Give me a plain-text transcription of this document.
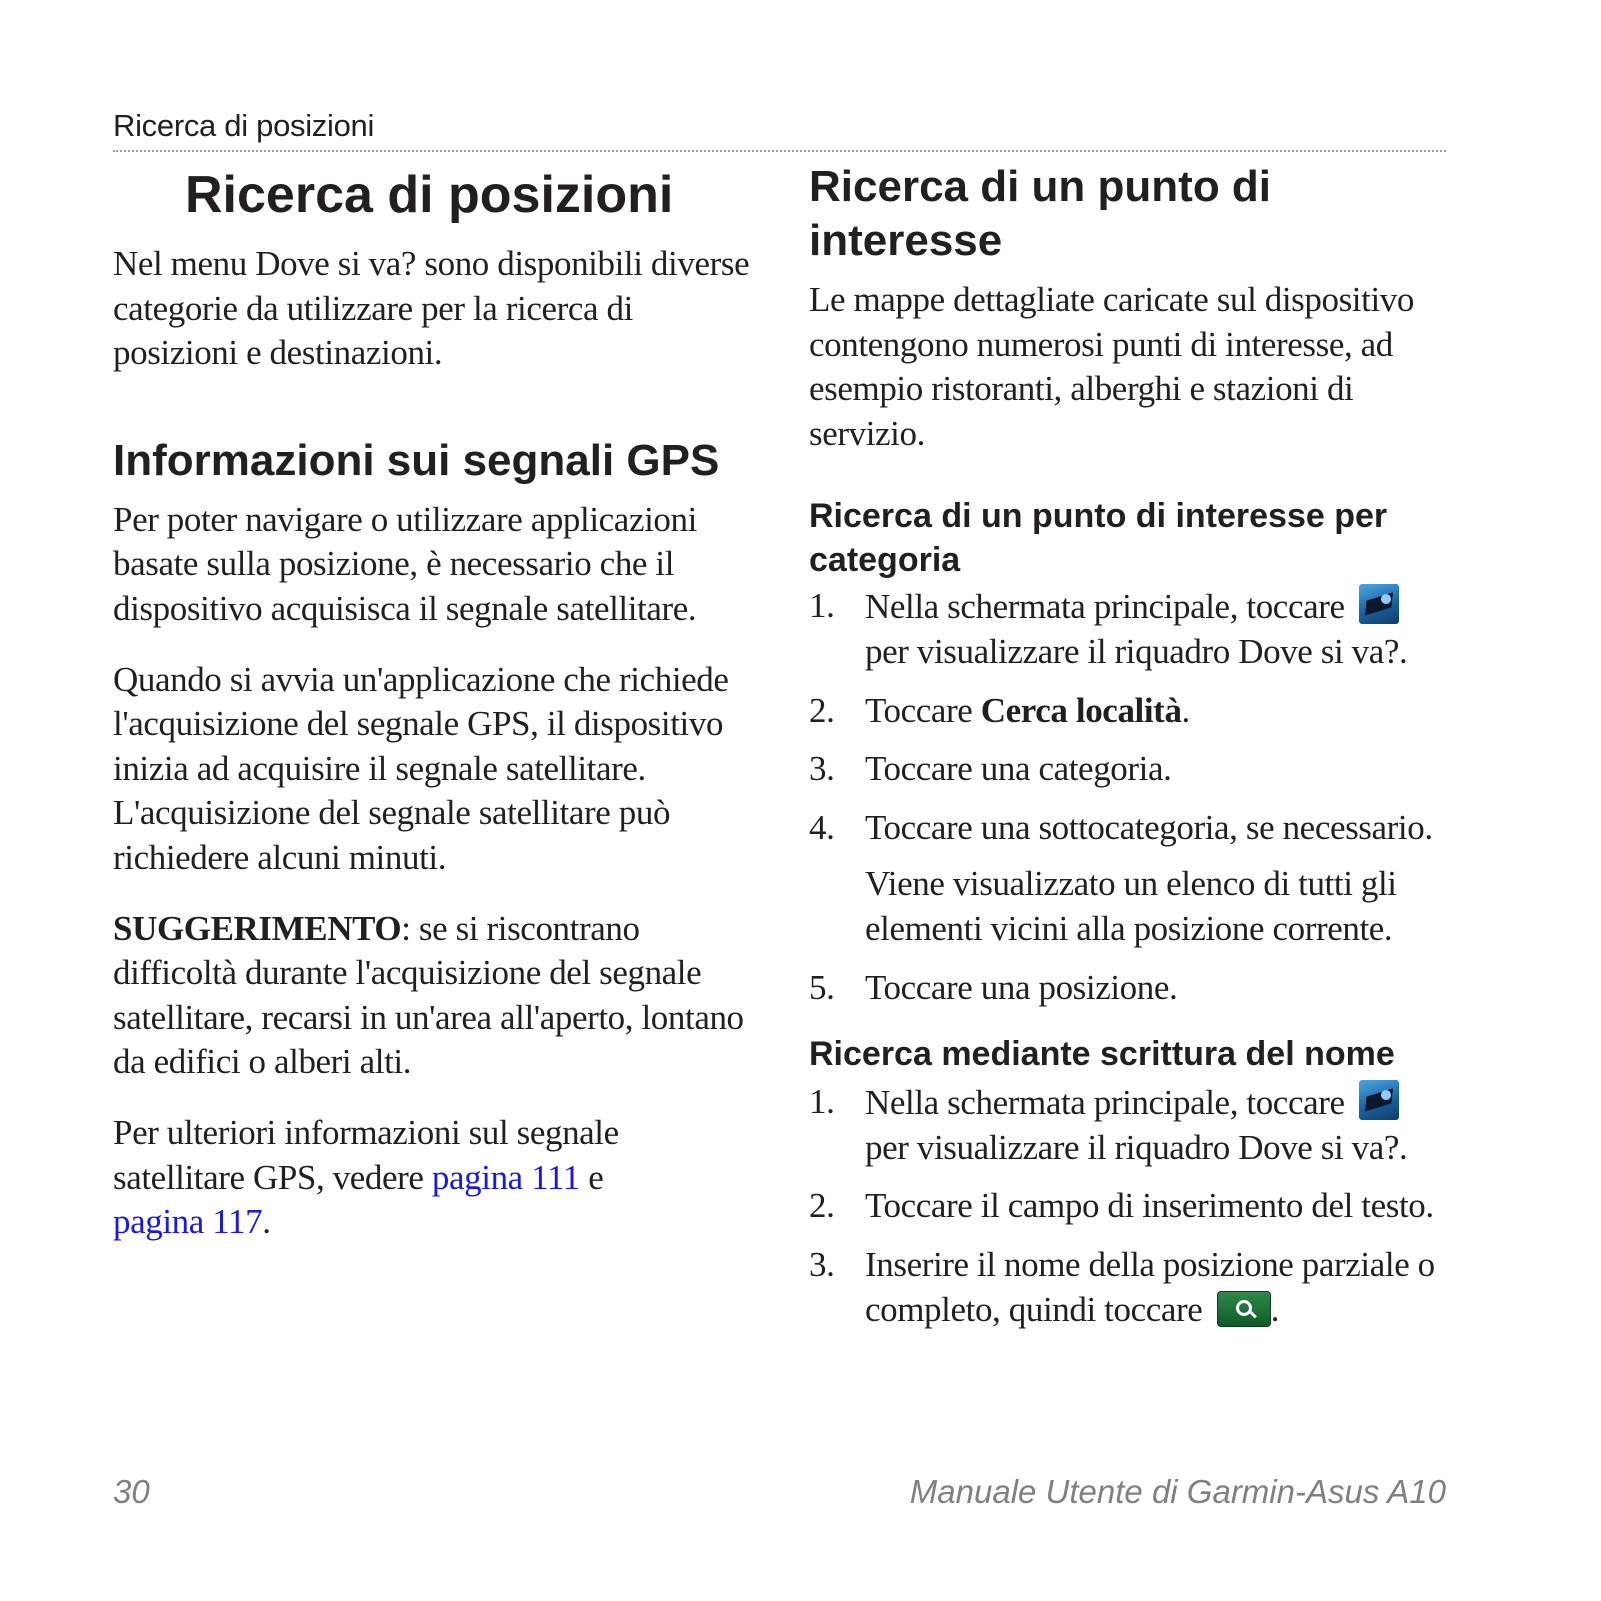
Ricerca di posizioni
Ricerca di posizioni

Nel menu Dove si va? sono disponibili diverse categorie da utilizzare per la ricerca di posizioni e destinazioni.

Informazioni sui segnali GPS

Per poter navigare o utilizzare applicazioni basate sulla posizione, è necessario che il dispositivo acquisisca il segnale satellitare.

Quando si avvia un'applicazione che richiede l'acquisizione del segnale GPS, il dispositivo inizia ad acquisire il segnale satellitare. L'acquisizione del segnale satellitare può richiedere alcuni minuti.

SUGGERIMENTO: se si riscontrano difficoltà durante l'acquisizione del segnale satellitare, recarsi in un'area all'aperto, lontano da edifici o alberi alti.

Per ulteriori informazioni sul segnale satellitare GPS, vedere pagina 111 e
pagina 117.

Ricerca di un punto di interesse

Le mappe dettagliate caricate sul dispositivo contengono numerosi punti di interesse, ad esempio ristoranti, alberghi e stazioni di servizio.

Ricerca di un punto di interesse per categoria
1. Nella schermata principale, toccare
per visualizzare il riquadro Dove si va?.
2. Toccare Cerca località.
3. Toccare una categoria.
4. Toccare una sottocategoria, se necessario.

Viene visualizzato un elenco di tutti gli elementi vicini alla posizione corrente.

5. Toccare una posizione.
Ricerca mediante scrittura del nome
1. Nella schermata principale, toccare
per visualizzare il riquadro Dove si va?.
2. Toccare il campo di inserimento del testo.
3. Inserire il nome della posizione parziale o completo, quindi toccare .
30	Manuale Utente di Garmin-Asus A10
